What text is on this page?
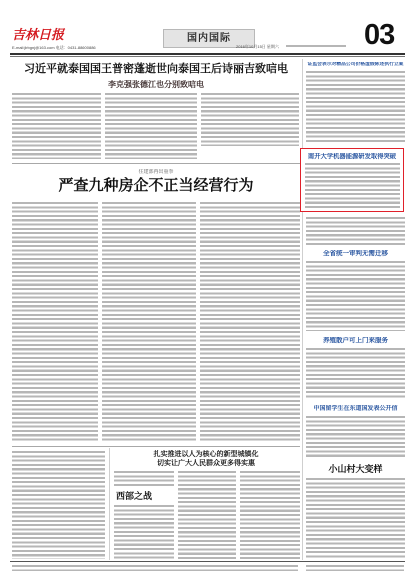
吉林日报
E-mail:jlrbgnj@163.com 电话：0431-88600886
国内国际
2016年10月15日 星期六	03
习近平就泰国国王普密蓬逝世向泰国王后诗丽吉致唁电
李克强张德江也分别致唁电
住建部再出重拳
严查九种房企不正当经营行为
扎实推进以人为核心的新型城镇化
切实让广大人民群众更多得实惠
西部之战
证监会表示对精品公司价格虚假陈述执行立案
南开大学机器能源研发取得突破
全省统一审判无需迁移
养殖散户可上门来服务
中国留学生在东道国发表公开信
小山村大变样
